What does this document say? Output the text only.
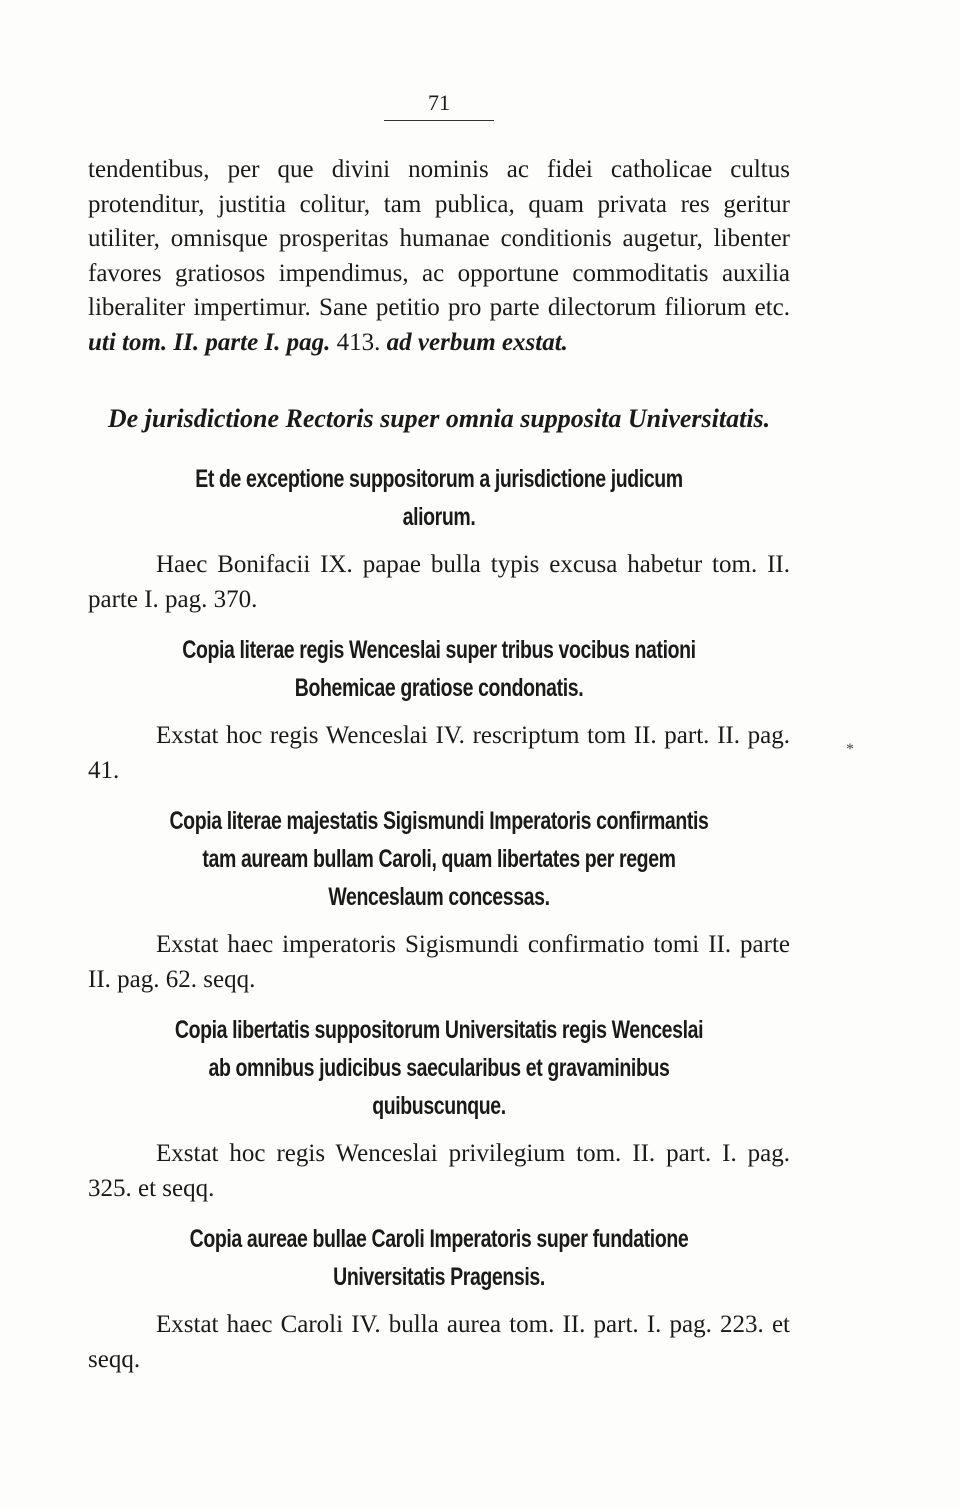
71

tendentibus, per que divini nominis ac fidei catholicae cultus protenditur, justitia colitur, tam publica, quam privata res geritur utiliter, omnisque prosperitas humanae conditionis augetur, libenter favores gratiosos impendimus, ac opportune commoditatis auxilia liberaliter impertimur. Sane petitio pro parte dilectorum filiorum etc. uti tom. II. parte I. pag. 413. ad verbum exstat.

De jurisdictione Rectoris super omnia supposita Universitatis.
Et de exceptione suppositorum a jurisdictione judicum aliorum.

Haec Bonifacii IX. papae bulla typis excusa habetur tom. II. parte I. pag. 370.

Copia literae regis Wenceslai super tribus vocibus nationi Bohemicae gratiose condonatis.

Exstat hoc regis Wenceslai IV. rescriptum tom II. part. II. pag. 41.

Copia literae majestatis Sigismundi Imperatoris confirmantis tam auream bullam Caroli, quam libertates per regem Wenceslaum concessas.

Exstat haec imperatoris Sigismundi confirmatio tomi II. parte II. pag. 62. seqq.

Copia libertatis suppositorum Universitatis regis Wenceslai ab omnibus judicibus saecularibus et gravaminibus quibuscunque.

Exstat hoc regis Wenceslai privilegium tom. II. part. I. pag. 325. et seqq.

Copia aureae bullae Caroli Imperatoris super fundatione Universitatis Pragensis.

Exstat haec Caroli IV. bulla aurea tom. II. part. I. pag. 223. et seqq.

*
